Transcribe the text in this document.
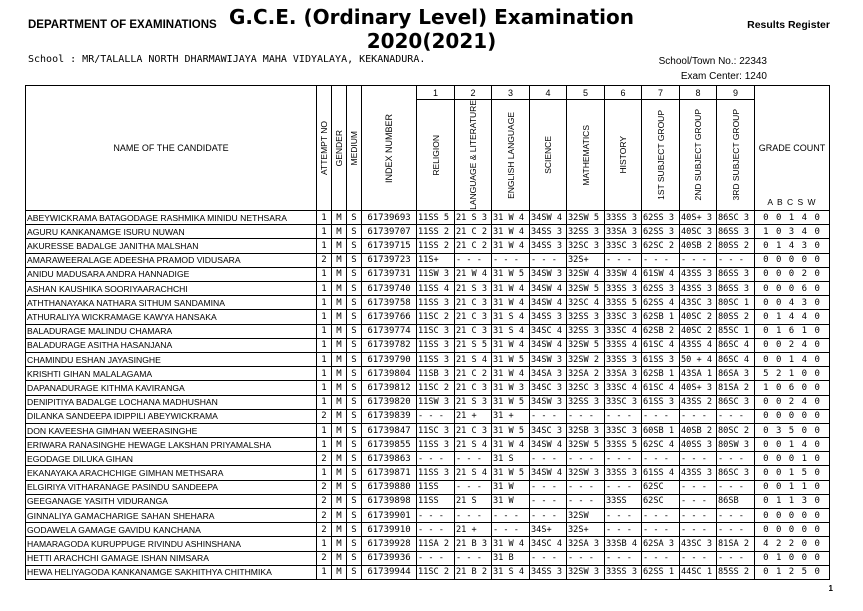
DEPARTMENT OF EXAMINATIONS G.C.E. (Ordinary Level) Examination
2020(2021)
Results Register
School : MR/TALALLA NORTH DHARMAWIJAYA MAHA VIDYALAYA, KEKANADURA.	School/Town No.: 22343
Exam Center: 1240
NAME OF THE CANDIDATE	ATTEMPT NO	GENDER	MEDIUM	INDEX NUMBER	1	2	3	4	5	6	7	8	9	GRADE COUNT
A B C S W

					RELIGION	LANGUAGE & LITERATURE	ENGLISH LANGUAGE	SCIENCE	MATHEMATICS	HISTORY	1ST SUBJECT GROUP	2ND SUBJECT GROUP	3RD SUBJECT GROUP	

ABEYWICKRAMA BATAGODAGE RASHMIKA MINIDU NETHSARA	1	M	S	61739693	11SS 5	21 S 3	31 W 4	34SW 4	32SW 5	33SS 3	62SS 3	40S+ 3	86SC 3	0 0 1 4 0
AGURU KANKANAMGE ISURU NUWAN	1	M	S	61739707	11SS 2	21 C 2	31 W 4	34SS 3	32SS 3	33SA 3	62SS 3	40SC 3	86SS 3	1 0 3 4 0
AKURESSE BADALGE JANITHA MALSHAN	1	M	S	61739715	11SS 2	21 C 2	31 W 4	34SS 3	32SC 3	33SC 3	62SC 2	40SB 2	80SS 2	0 1 4 3 0
AMARAWEERALAGE ADEESHA PRAMOD VIDUSARA	2	M	S	61739723	11S+	- - -	- - -	- - -	32S+	- - -	- - -	- - -	- - -	0 0 0 0 0
ANIDU MADUSARA ANDRA HANNADIGE	1	M	S	61739731	11SW 3	21 W 4	31 W 5	34SW 3	32SW 4	33SW 4	61SW 4	43SS 3	86SS 3	0 0 0 2 0
ASHAN KAUSHIKA SOORIYAARACHCHI	1	M	S	61739740	11SS 4	21 S 3	31 W 4	34SW 4	32SW 5	33SS 3	62SS 3	43SS 3	86SS 3	0 0 0 6 0
ATHTHANAYAKA NATHARA SITHUM SANDAMINA	1	M	S	61739758	11SS 3	21 C 3	31 W 4	34SW 4	32SC 4	33SS 5	62SS 4	43SC 3	80SC 1	0 0 4 3 0
ATHURALIYA WICKRAMAGE KAWYA HANSAKA	1	M	S	61739766	11SC 2	21 C 3	31 S 4	34SS 3	32SS 3	33SC 3	62SB 1	40SC 2	80SS 2	0 1 4 4 0
BALADURAGE MALINDU CHAMARA	1	M	S	61739774	11SC 3	21 C 3	31 S 4	34SC 4	32SS 3	33SC 4	62SB 2	40SC 2	85SC 1	0 1 6 1 0
BALADURAGE ASITHA HASANJANA	1	M	S	61739782	11SS 3	21 S 5	31 W 4	34SW 4	32SW 5	33SS 4	61SC 4	43SS 4	86SC 4	0 0 2 4 0
CHAMINDU ESHAN JAYASINGHE	1	M	S	61739790	11SS 3	21 S 4	31 W 5	34SW 3	32SW 2	33SS 3	61SS 3	50 + 4	86SC 4	0 0 1 4 0
KRISHTI GIHAN MALALAGAMA	1	M	S	61739804	11SB 3	21 C 2	31 W 4	34SA 3	32SA 2	33SA 3	62SB 1	43SA 1	86SA 3	5 2 1 0 0
DAPANADURAGE KITHMA KAVIRANGA	1	M	S	61739812	11SC 2	21 C 3	31 W 3	34SC 3	32SC 3	33SC 4	61SC 4	40S+ 3	81SA 2	1 0 6 0 0
DENIPITIYA BADALGE LOCHANA MADHUSHAN	1	M	S	61739820	11SW 3	21 S 3	31 W 5	34SW 3	32SS 3	33SC 3	61SS 3	43SS 2	86SC 3	0 0 2 4 0
DILANKA SANDEEPA IDIPPILI ABEYWICKRAMA	2	M	S	61739839	- - -	21 +	31 +	- - -	- - -	- - -	- - -	- - -	- - -	0 0 0 0 0
DON KAVEESHA GIMHAN WEERASINGHE	1	M	S	61739847	11SC 3	21 C 3	31 W 5	34SC 3	32SB 3	33SC 3	60SB 1	40SB 2	80SC 2	0 3 5 0 0
ERIWARA RANASINGHE HEWAGE LAKSHAN PRIYAMALSHA	1	M	S	61739855	11SS 3	21 S 4	31 W 4	34SW 4	32SW 5	33SS 5	62SC 4	40SS 3	80SW 3	0 0 1 4 0
EGODAGE DILUKA GIHAN	2	M	S	61739863	- - -	- - -	31 S	- - -	- - -	- - -	- - -	- - -	- - -	0 0 0 1 0
EKANAYAKA ARACHCHIGE GIMHAN METHSARA	1	M	S	61739871	11SS 3	21 S 4	31 W 5	34SW 4	32SW 3	33SS 3	61SS 4	43SS 3	86SC 3	0 0 1 5 0
ELGIRIYA VITHARANAGE PASINDU SANDEEPA	2	M	S	61739880	11SS	- - -	31 W	- - -	- - -	- - -	62SC	- - -	- - -	0 0 1 1 0
GEEGANAGE YASITH VIDURANGA	2	M	S	61739898	11SS	21 S	31 W	- - -	- - -	33SS	62SC	- - -	86SB	0 1 1 3 0
GINNALIYA GAMACHARIGE SAHAN SHEHARA	2	M	S	61739901	- - -	- - -	- - -	- - -	32SW	- - -	- - -	- - -	- - -	0 0 0 0 0
GODAWELA GAMAGE GAVIDU KANCHANA	2	M	S	61739910	- - -	21 +	- - -	34S+	32S+	- - -	- - -	- - -	- - -	0 0 0 0 0
HAMARAGODA KURUPPUGE RIVINDU ASHINSHANA	1	M	S	61739928	11SA 2	21 B 3	31 W 4	34SC 4	32SA 3	33SB 4	62SA 3	43SC 3	81SA 2	4 2 2 0 0
HETTI ARACHCHI GAMAGE ISHAN NIMSARA	2	M	S	61739936	- - -	- - -	31 B	- - -	- - -	- - -	- - -	- - -	- - -	0 1 0 0 0
HEWA HELIYAGODA KANKANAMGE SAKHITHYA CHITHMIKA	1	M	S	61739944	11SC 2	21 B 2	31 S 4	34SS 3	32SW 3	33SS 3	62SS 1	44SC 1	85SS 2	0 1 2 5 0
1
